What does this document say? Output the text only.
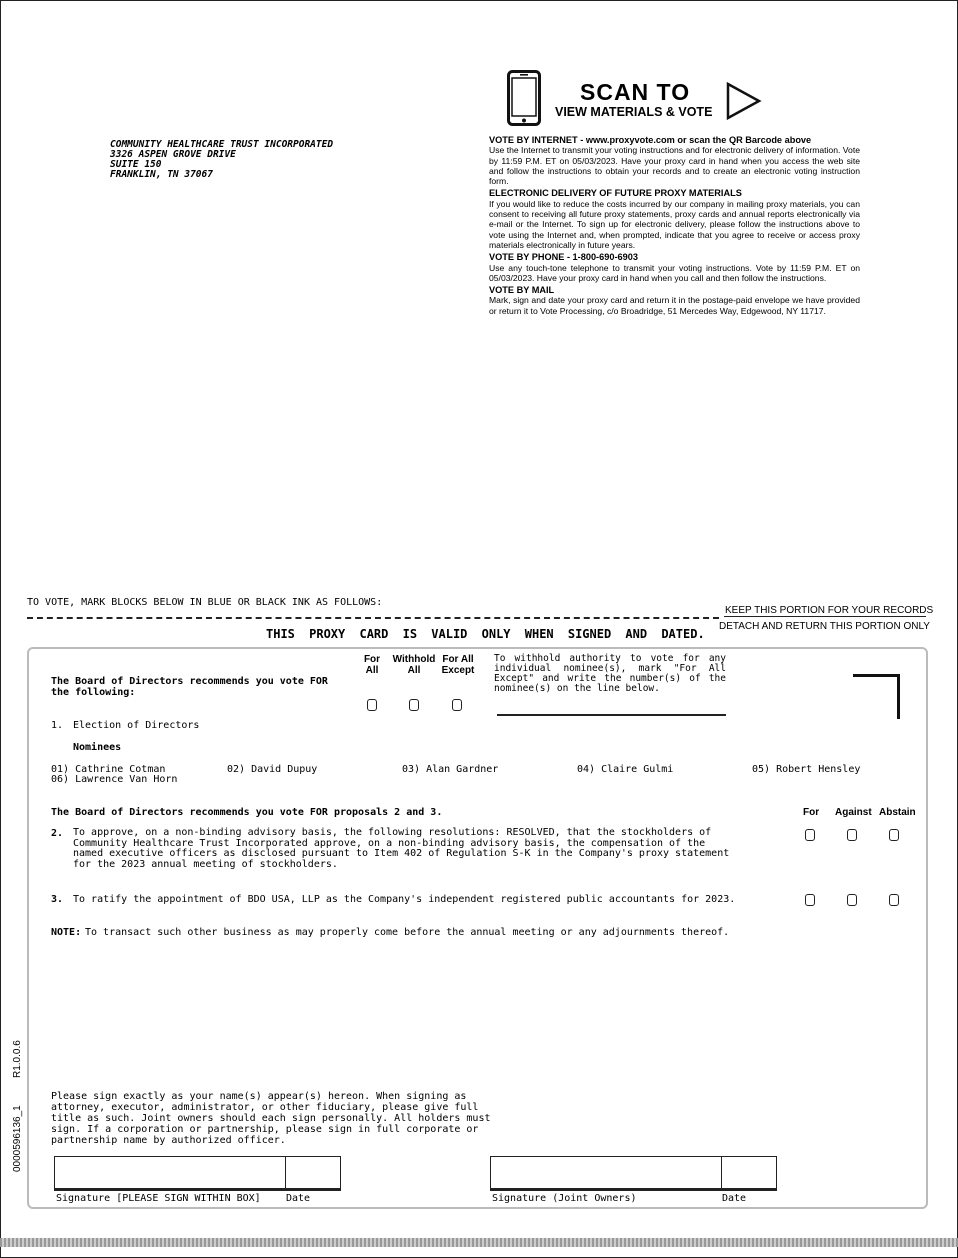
COMMUNITY HEALTHCARE TRUST INCORPORATED
3326 ASPEN GROVE DRIVE
SUITE 150
FRANKLIN, TN 37067
SCAN TO
VIEW MATERIALS & VOTE
VOTE BY INTERNET - www.proxyvote.com or scan the QR Barcode above

Use the Internet to transmit your voting instructions and for electronic delivery of information. Vote by 11:59 P.M. ET on 05/03/2023. Have your proxy card in hand when you access the web site and follow the instructions to obtain your records and to create an electronic voting instruction form.

ELECTRONIC DELIVERY OF FUTURE PROXY MATERIALS

If you would like to reduce the costs incurred by our company in mailing proxy materials, you can consent to receiving all future proxy statements, proxy cards and annual reports electronically via e-mail or the Internet. To sign up for electronic delivery, please follow the instructions above to vote using the Internet and, when prompted, indicate that you agree to receive or access proxy materials electronically in future years.

VOTE BY PHONE - 1-800-690-6903

Use any touch-tone telephone to transmit your voting instructions. Vote by 11:59 P.M. ET on 05/03/2023. Have your proxy card in hand when you call and then follow the instructions.

VOTE BY MAIL

Mark, sign and date your proxy card and return it in the postage-paid envelope we have provided or return it to Vote Processing, c/o Broadridge, 51 Mercedes Way, Edgewood, NY 11717.

TO VOTE, MARK BLOCKS BELOW IN BLUE OR BLACK INK AS FOLLOWS:
KEEP THIS PORTION FOR YOUR RECORDS
THIS PROXY CARD IS VALID ONLY WHEN SIGNED AND DATED.
DETACH AND RETURN THIS PORTION ONLY
The Board of Directors recommends you vote FOR
the following:
For
All
Withhold
All
For All
Except
To withhold authority to vote for any individual nominee(s), mark "For All Except" and write the number(s) of the nominee(s) on the line below.
1. Election of Directors
Nominees
01) Cathrine Cotman	02) David Dupuy	03) Alan Gardner	04) Claire Gulmi	05) Robert Hensley
06) Lawrence Van Horn
The Board of Directors recommends you vote FOR proposals 2 and 3.	For Against Abstain
2. To approve, on a non-binding advisory basis, the following resolutions: RESOLVED, that the stockholders of
Community Healthcare Trust Incorporated approve, on a non-binding advisory basis, the compensation of the
named executive officers as disclosed pursuant to Item 402 of Regulation S-K in the Company's proxy statement
for the 2023 annual meeting of stockholders.
3. To ratify the appointment of BDO USA, LLP as the Company's independent registered public accountants for 2023.
NOTE: To transact such other business as may properly come before the annual meeting or any adjournments thereof.
Please sign exactly as your name(s) appear(s) hereon. When signing as
attorney, executor, administrator, or other fiduciary, please give full
title as such. Joint owners should each sign personally. All holders must
sign. If a corporation or partnership, please sign in full corporate or
partnership name by authorized officer.
Signature [PLEASE SIGN WITHIN BOX]	Date	Signature (Joint Owners)	Date
0000596136_1
R1.0.0.6
